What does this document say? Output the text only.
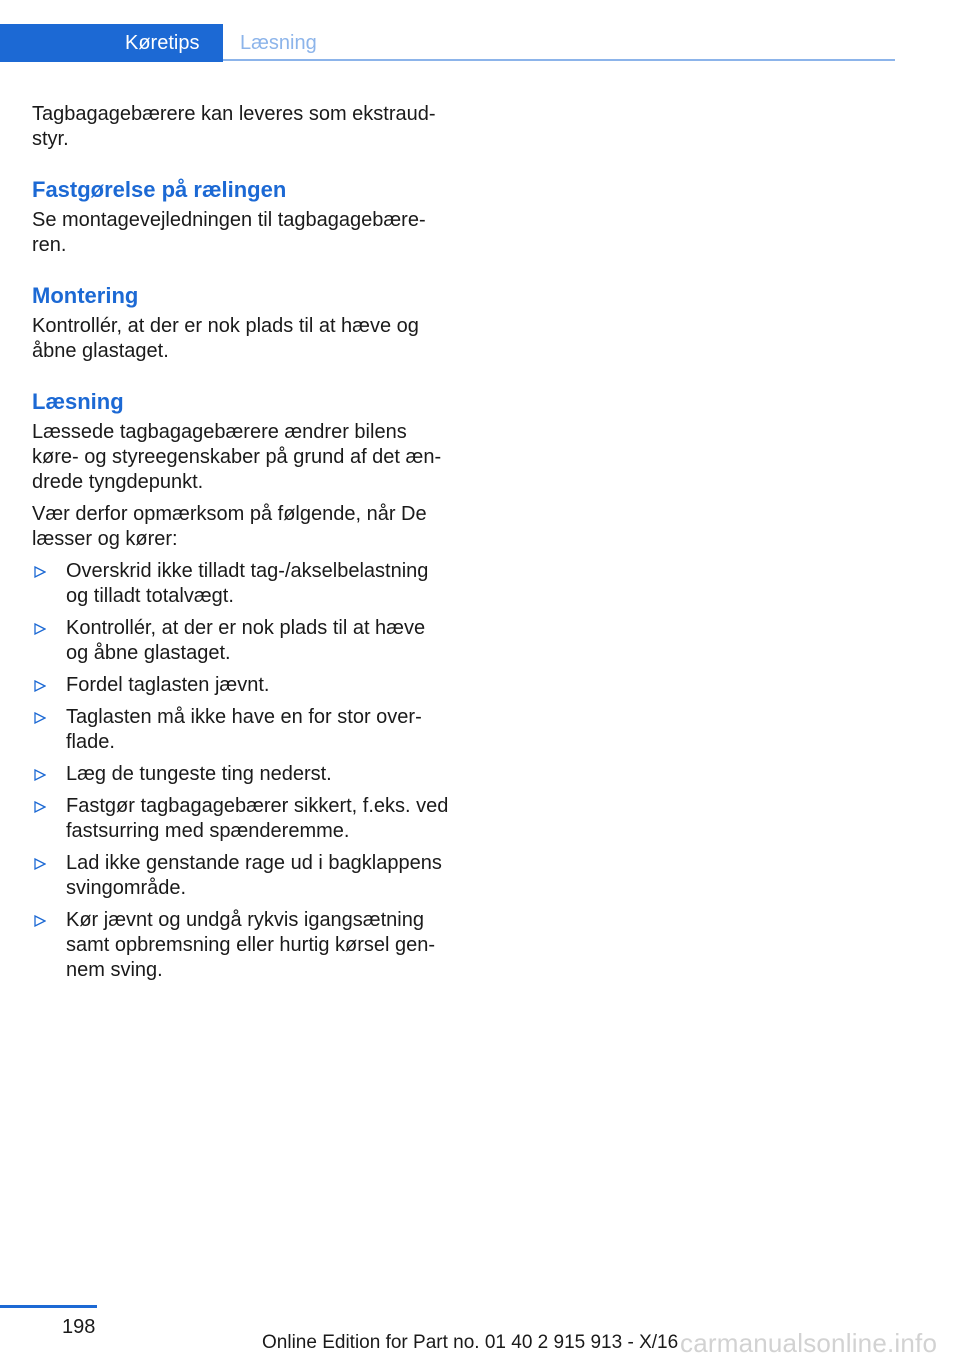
Køretips	Læsning

Tagbagagebærere kan leveres som ekstraud‐styr.

Fastgørelse på rælingen

Se montagevejledningen til tagbagagebære‐ren.

Montering

Kontrollér, at der er nok plads til at hæve og åbne glastaget.

Læsning

Læssede tagbagagebærere ændrer bilens køre- og styreegenskaber på grund af det æn‐drede tyngdepunkt.

Vær derfor opmærksom på følgende, når De læsser og kører:

Overskrid ikke tilladt tag-/akselbelastning og tilladt totalvægt.
Kontrollér, at der er nok plads til at hæve og åbne glastaget.
Fordel taglasten jævnt.
Taglasten må ikke have en for stor over‐flade.
Læg de tungeste ting nederst.
Fastgør tagbagagebærer sikkert, f.eks. ved fastsurring med spænderemme.
Lad ikke genstande rage ud i bagklappens svingområde.
Kør jævnt og undgå rykvis igangsætning samt opbremsning eller hurtig kørsel gen‐nem sving.
198
Online Edition for Part no. 01 40 2 915 913 - X/16 carmanualsonline.info
